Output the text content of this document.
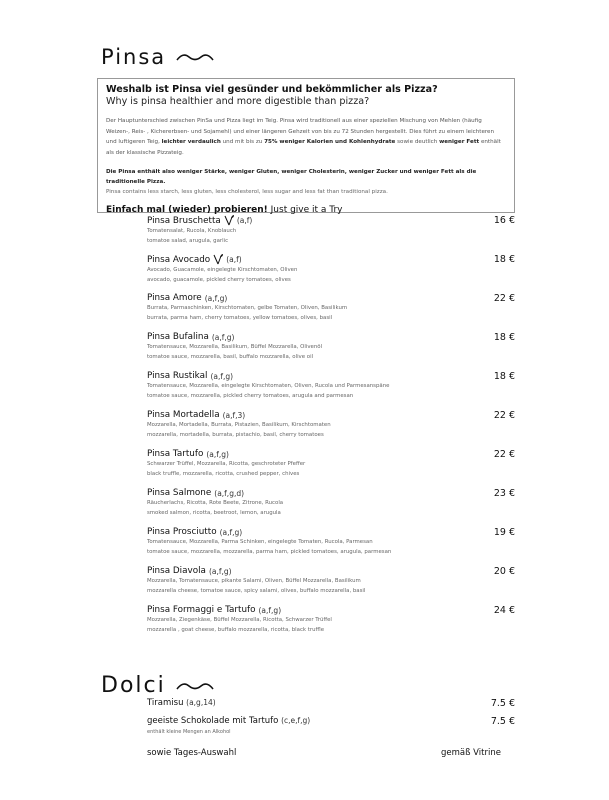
Pinsa
Weshalb ist Pinsa viel gesünder und bekömmlicher als Pizza?
Why is pinsa healthier and more digestible than pizza?
Der Hauptunterschied zwischen PinSa und Pizza liegt im Teig. Pinsa wird traditionell aus einer speziellen Mischung von Mehlen (häufig Weizen-, Reis- , Kichererbsen- und Sojamehl) und einer längeren Gehzeit von bis zu 72 Stunden hergestellt. Dies führt zu einem leichteren und luftigeren Teig, leichter verdaulich und mit bis zu 75% weniger Kalorien und Kohlenhydrate sowie deutlich weniger Fett enthält als der klassische Pizzateig.
Die Pinsa enthält also weniger Stärke, weniger Gluten, weniger Cholesterin, weniger Zucker und weniger Fett als die traditionelle Pizza.
Pinsa contains less starch, less gluten, less cholesterol, less sugar and less fat than traditional pizza.
Einfach mal (wieder) probieren! Just give it a Try
Pinsa Bruschetta (a,f)	16 €
Tomatensalat, Rucola, Knoblauch
tomatoe salad, arugula, garlic
Pinsa Avocado (a,f)	18 €
Avocado, Guacamole, eingelegte Kirschtomaten, Oliven
avocado, guacamole, pickled cherry tomatoes, olives
Pinsa Amore (a,f,g)	22 €
Burrata, Parmaschinken, Kirschtomaten, gelbe Tomaten, Oliven, Basilikum
burrata, parma ham, cherry tomatoes, yellow tomatoes, olives, basil
Pinsa Bufalina (a,f,g)	18 €
Tomatensauce, Mozzarella, Basilikum, Büffel Mozzarella, Olivenöl
tomatoe sauce, mozzarella, basil, buffalo mozzarella, olive oil
Pinsa Rustikal (a,f,g)	18 €
Tomatensauce, Mozzarella, eingelegte Kirschtomaten, Oliven, Rucola und Parmesanspäne
tomatoe sauce, mozzarella, pickled cherry tomatoes, arugula and parmesan
Pinsa Mortadella (a,f,3)	22 €
Mozzarella, Mortadella, Burrata, Pistazien, Basilikum, Kirschtomaten
mozzarella, mortadella, burrata, pistachio, basil, cherry tomatoes
Pinsa Tartufo (a,f,g)	22 €
Schwarzer Trüffel, Mozzarella, Ricotta, geschroteter Pfeffer
black truffle, mozzarella, ricotta, crushed pepper, chives
Pinsa Salmone (a,f,g,d)	23 €
Räucherlachs, Ricotta, Rote Beete, Zitrone, Rucola
smoked salmon, ricotta, beetroot, lemon, arugula
Pinsa Prosciutto (a,f,g)	19 €
Tomatensauce, Mozzarella, Parma Schinken, eingelegte Tomaten, Rucola, Parmesan
tomatoe sauce, mozzarella, mozzarella, parma ham, pickled tomatoes, arugula, parmesan
Pinsa Diavola (a,f,g)	20 €
Mozzarella, Tomatensauce, pikante Salami, Oliven, Büffel Mozzarella, Basilikum
mozzarella cheese, tomatoe sauce, spicy salami, olives, buffalo mozzarella, basil
Pinsa Formaggi e Tartufo (a,f,g)	24 €
Mozzarella, Ziegenkäse, Büffel Mozzarella, Ricotta, Schwarzer Trüffel
mozzarella , goat cheese, buffalo mozzarella, ricotta, black truffle
Dolci
Tiramisu (a,g,14)	7.5 €
geeiste Schokolade mit Tartufo (c,e,f,g)	7.5 €
enthält kleine Mengen an Alkohol
sowie Tages-Auswahl	gemäß Vitrine
